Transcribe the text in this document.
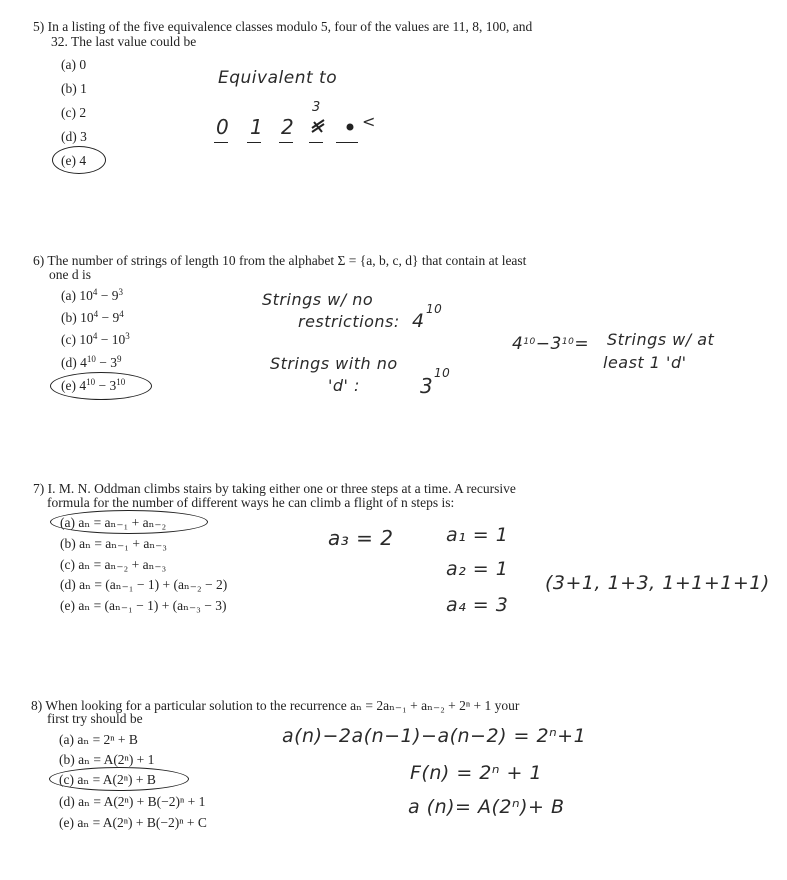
5) In a listing of the five equivalence classes modulo 5, four of the values are 11, 8, 100, and
32. The last value could be
(a) 0
(b) 1
(c) 2
(d) 3
(e) 4
Equivalent to
0 1 2
3
<
6) The number of strings of length 10 from the alphabet Σ = {a, b, c, d} that contain at least
one d is
(a) $10^4 - 9^3$
(b) $10^4 - 9^4$
(c) $10^4 - 10^3$
(d) $4^{10} - 3^9$
(e) $4^{10} - 3^{10}$
Strings w/ no
restrictions: 4
10
Strings with no
'd' :	3
10
$4^{10}-3^{10}=$ Strings w/ at
least 1 'd'
7) I. M. N. Oddman climbs stairs by taking either one or three steps at a time. A recursive
formula for the number of different ways he can climb a flight of n steps is:
(a) aₙ = aₙ₋₁ + aₙ₋₂
(b) aₙ = aₙ₋₁ + aₙ₋₃
(c) aₙ = aₙ₋₂ + aₙ₋₃
(d) aₙ = (aₙ₋₁ − 1) + (aₙ₋₂ − 2)
(e) aₙ = (aₙ₋₁ − 1) + (aₙ₋₃ − 3)
a₃ = 2	a₁ = 1
a₂ = 1
a₄ = 3
(3+1, 1+3, 1+1+1+1)
8) When looking for a particular solution to the recurrence aₙ = 2aₙ₋₁ + aₙ₋₂ + 2ⁿ + 1 your
first try should be
(a) aₙ = 2ⁿ + B
(b) aₙ = A(2ⁿ) + 1
(c) aₙ = A(2ⁿ) + B
(d) aₙ = A(2ⁿ) + B(−2)ⁿ + 1
(e) aₙ = A(2ⁿ) + B(−2)ⁿ + C
a(n)−2a(n−1)−a(n−2) = 2ⁿ+1
F(n) = 2ⁿ + 1
a (n)= A(2ⁿ)+ B
